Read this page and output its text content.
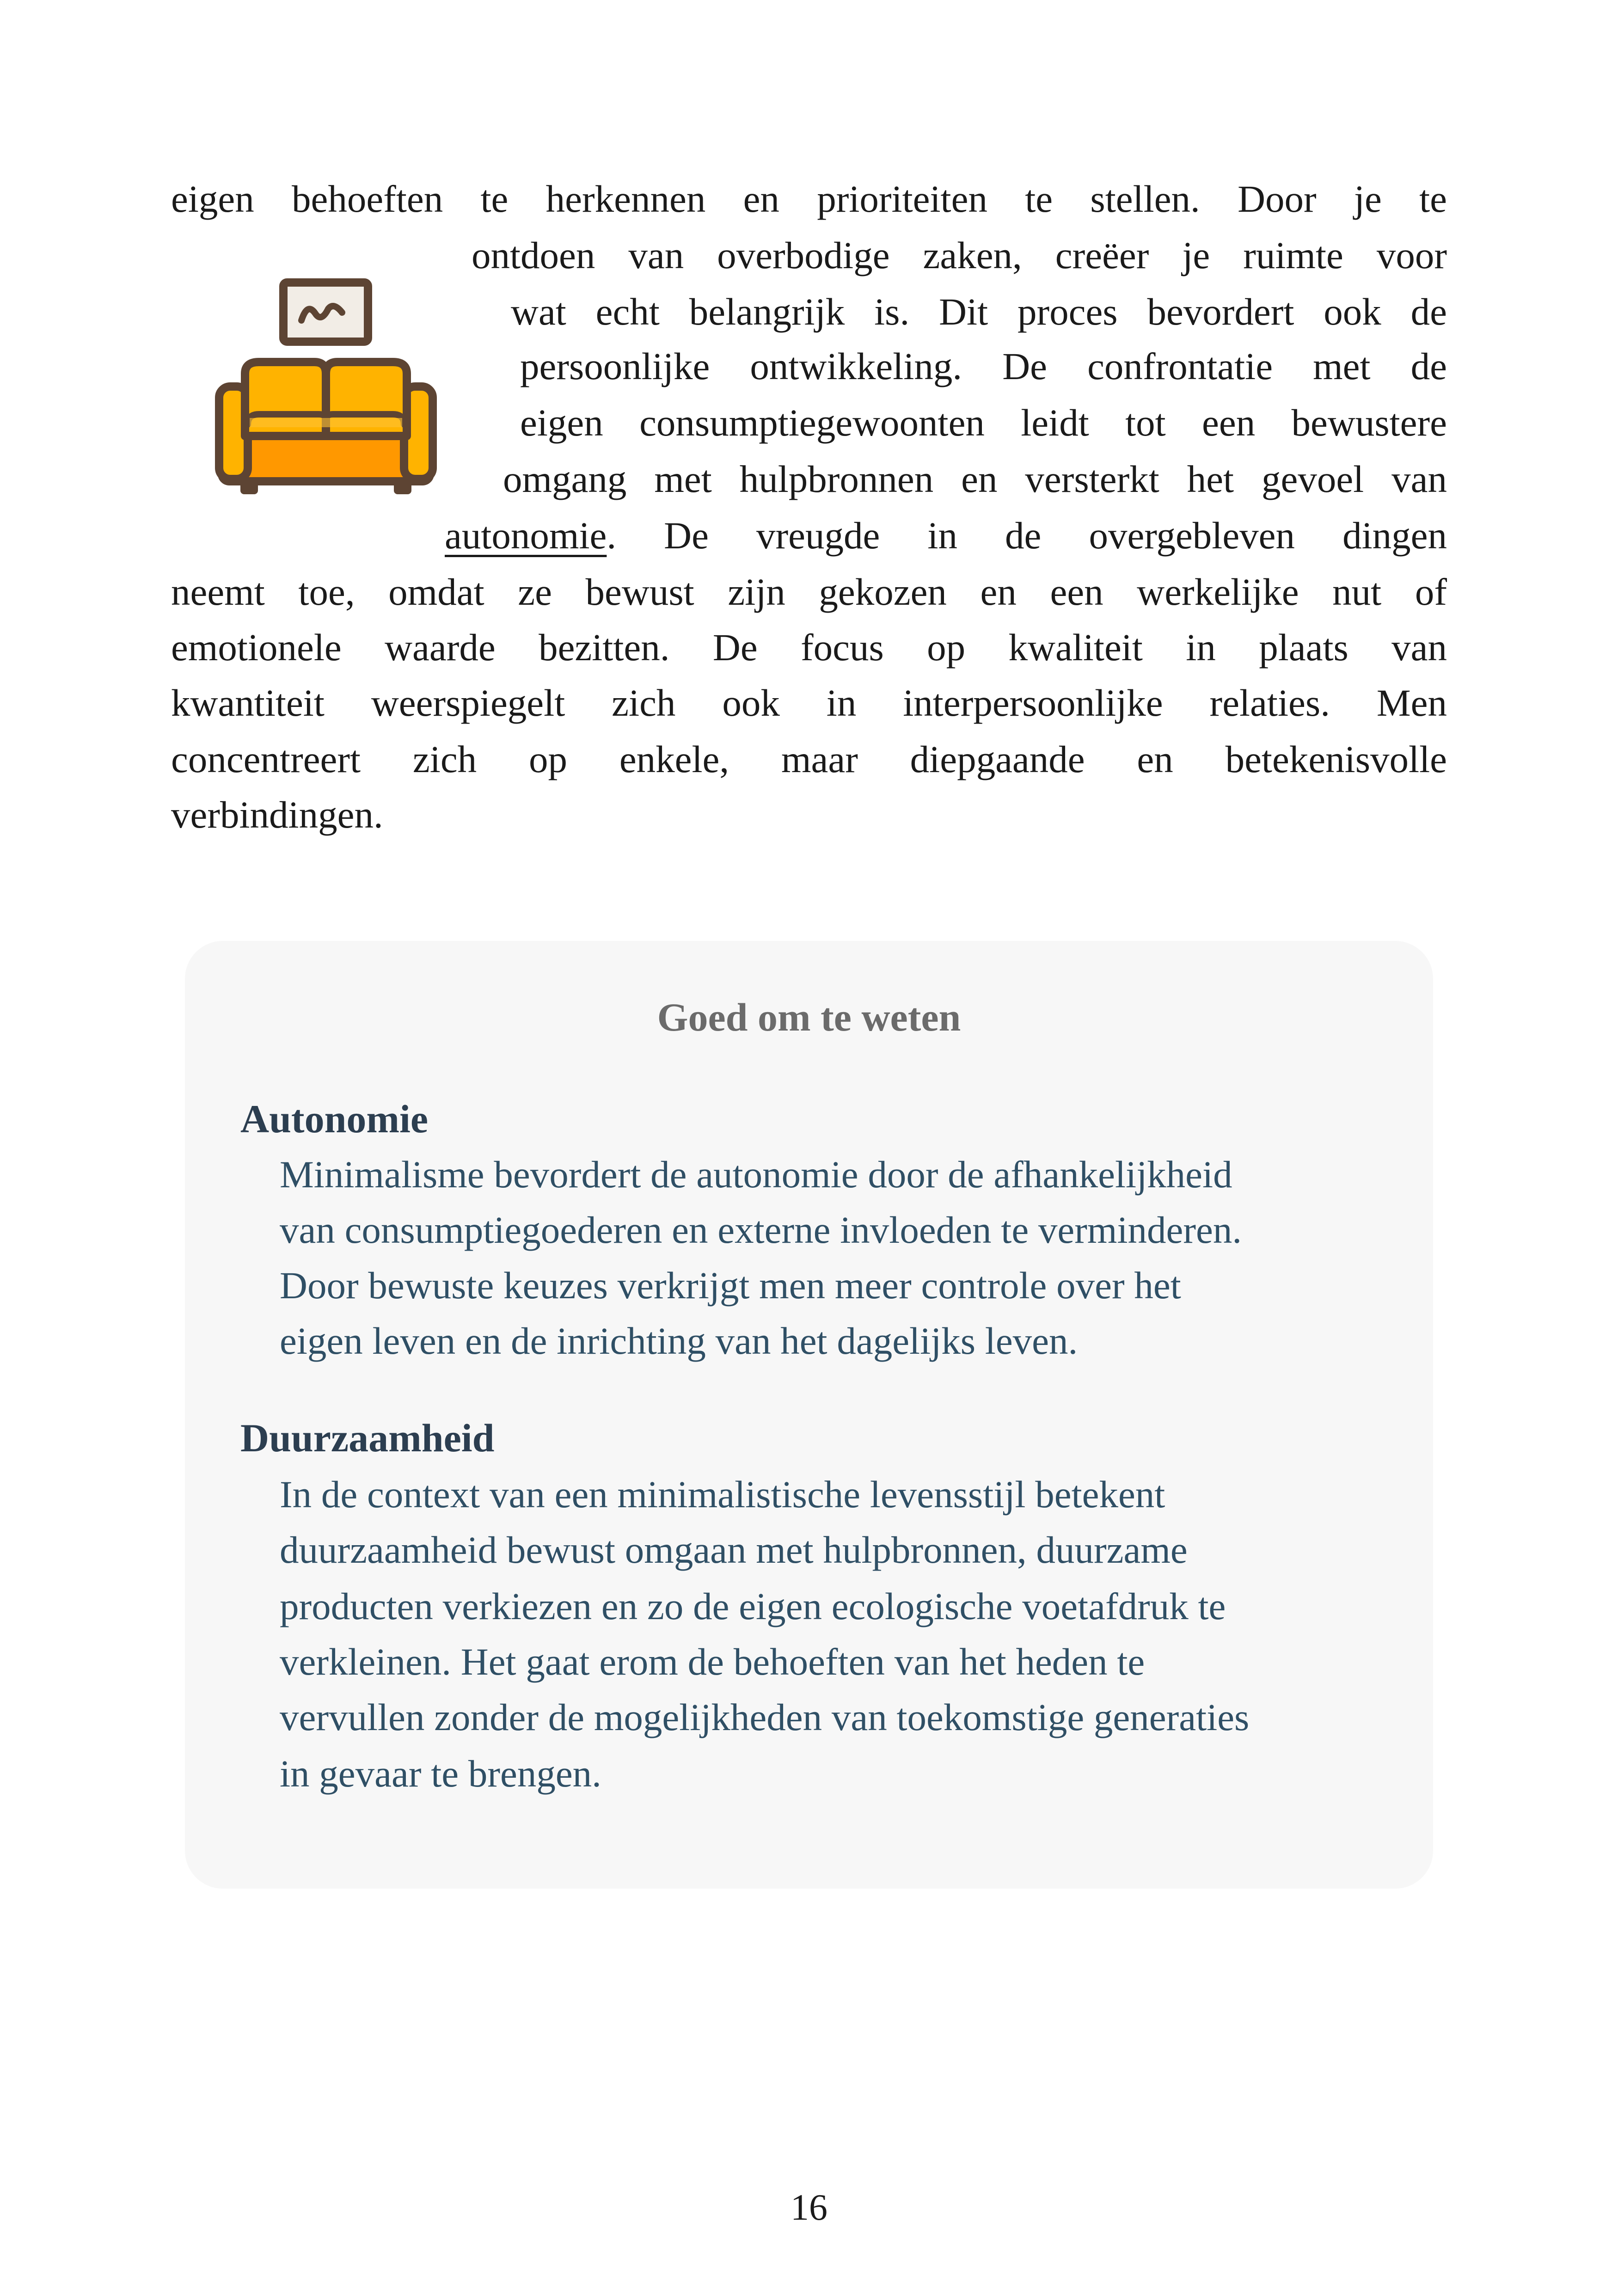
eigen behoeften te herkennen en prioriteiten te stellen. Door je te
ontdoen van overbodige zaken, creëer je ruimte voor
wat echt belangrijk is. Dit proces bevordert ook de
persoonlijke ontwikkeling. De confrontatie met de
eigen consumptiegewoonten leidt tot een bewustere
omgang met hulpbronnen en versterkt het gevoel van
autonomie. De vreugde in de overgebleven dingen
neemt toe, omdat ze bewust zijn gekozen en een werkelijke nut of
emotionele waarde bezitten. De focus op kwaliteit in plaats van
kwantiteit weerspiegelt zich ook in interpersoonlijke relaties. Men
concentreert zich op enkele, maar diepgaande en betekenisvolle
verbindingen.
Goed om te weten
Autonomie
Minimalisme bevordert de autonomie door de afhankelijkheid
van consumptiegoederen en externe invloeden te verminderen.
Door bewuste keuzes verkrijgt men meer controle over het
eigen leven en de inrichting van het dagelijks leven.
Duurzaamheid
In de context van een minimalistische levensstijl betekent
duurzaamheid bewust omgaan met hulpbronnen, duurzame
producten verkiezen en zo de eigen ecologische voetafdruk te
verkleinen. Het gaat erom de behoeften van het heden te
vervullen zonder de mogelijkheden van toekomstige generaties
in gevaar te brengen.
16
